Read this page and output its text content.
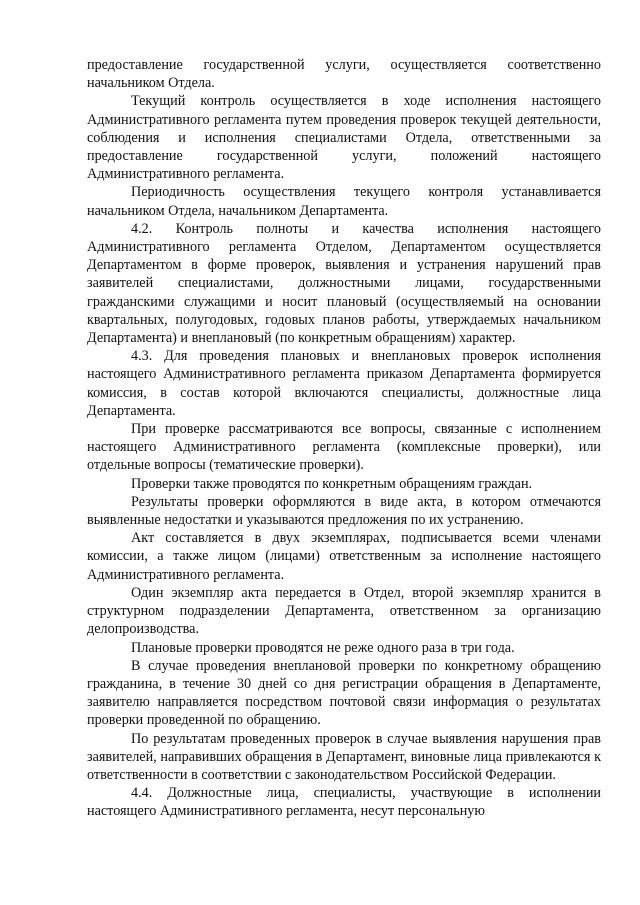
предоставление государственной услуги, осуществляется соответственно начальником Отдела.

Текущий контроль осуществляется в ходе исполнения настоящего Административного регламента путем проведения проверок текущей деятельности, соблюдения и исполнения специалистами Отдела, ответственными за предоставление государственной услуги, положений настоящего Административного регламента.

Периодичность осуществления текущего контроля устанавливается начальником Отдела, начальником Департамента.

4.2. Контроль полноты и качества исполнения настоящего Административного регламента Отделом, Департаментом осуществляется Департаментом в форме проверок, выявления и устранения нарушений прав заявителей специалистами, должностными лицами, государственными гражданскими служащими и носит плановый (осуществляемый на основании квартальных, полугодовых, годовых планов работы, утверждаемых начальником Департамента) и внеплановый (по конкретным обращениям) характер.

4.3. Для проведения плановых и внеплановых проверок исполнения настоящего Административного регламента приказом Департамента формируется комиссия, в состав которой включаются специалисты, должностные лица Департамента.

При проверке рассматриваются все вопросы, связанные с исполнением настоящего Административного регламента (комплексные проверки), или отдельные вопросы (тематические проверки).

Проверки также проводятся по конкретным обращениям граждан.

Результаты проверки оформляются в виде акта, в котором отмечаются выявленные недостатки и указываются предложения по их устранению.

Акт составляется в двух экземплярах, подписывается всеми членами комиссии, а также лицом (лицами) ответственным за исполнение настоящего Административного регламента.

Один экземпляр акта передается в Отдел, второй экземпляр хранится в структурном подразделении Департамента, ответственном за организацию делопроизводства.

Плановые проверки проводятся не реже одного раза в три года.

В случае проведения внеплановой проверки по конкретному обращению гражданина, в течение 30 дней со дня регистрации обращения в Департаменте, заявителю направляется посредством почтовой связи информация о результатах проверки проведенной по обращению.

По результатам проведенных проверок в случае выявления нарушения прав заявителей, направивших обращения в Департамент, виновные лица привлекаются к ответственности в соответствии с законодательством Российской Федерации.

4.4. Должностные лица, специалисты, участвующие в исполнении настоящего Административного регламента, несут персональную
